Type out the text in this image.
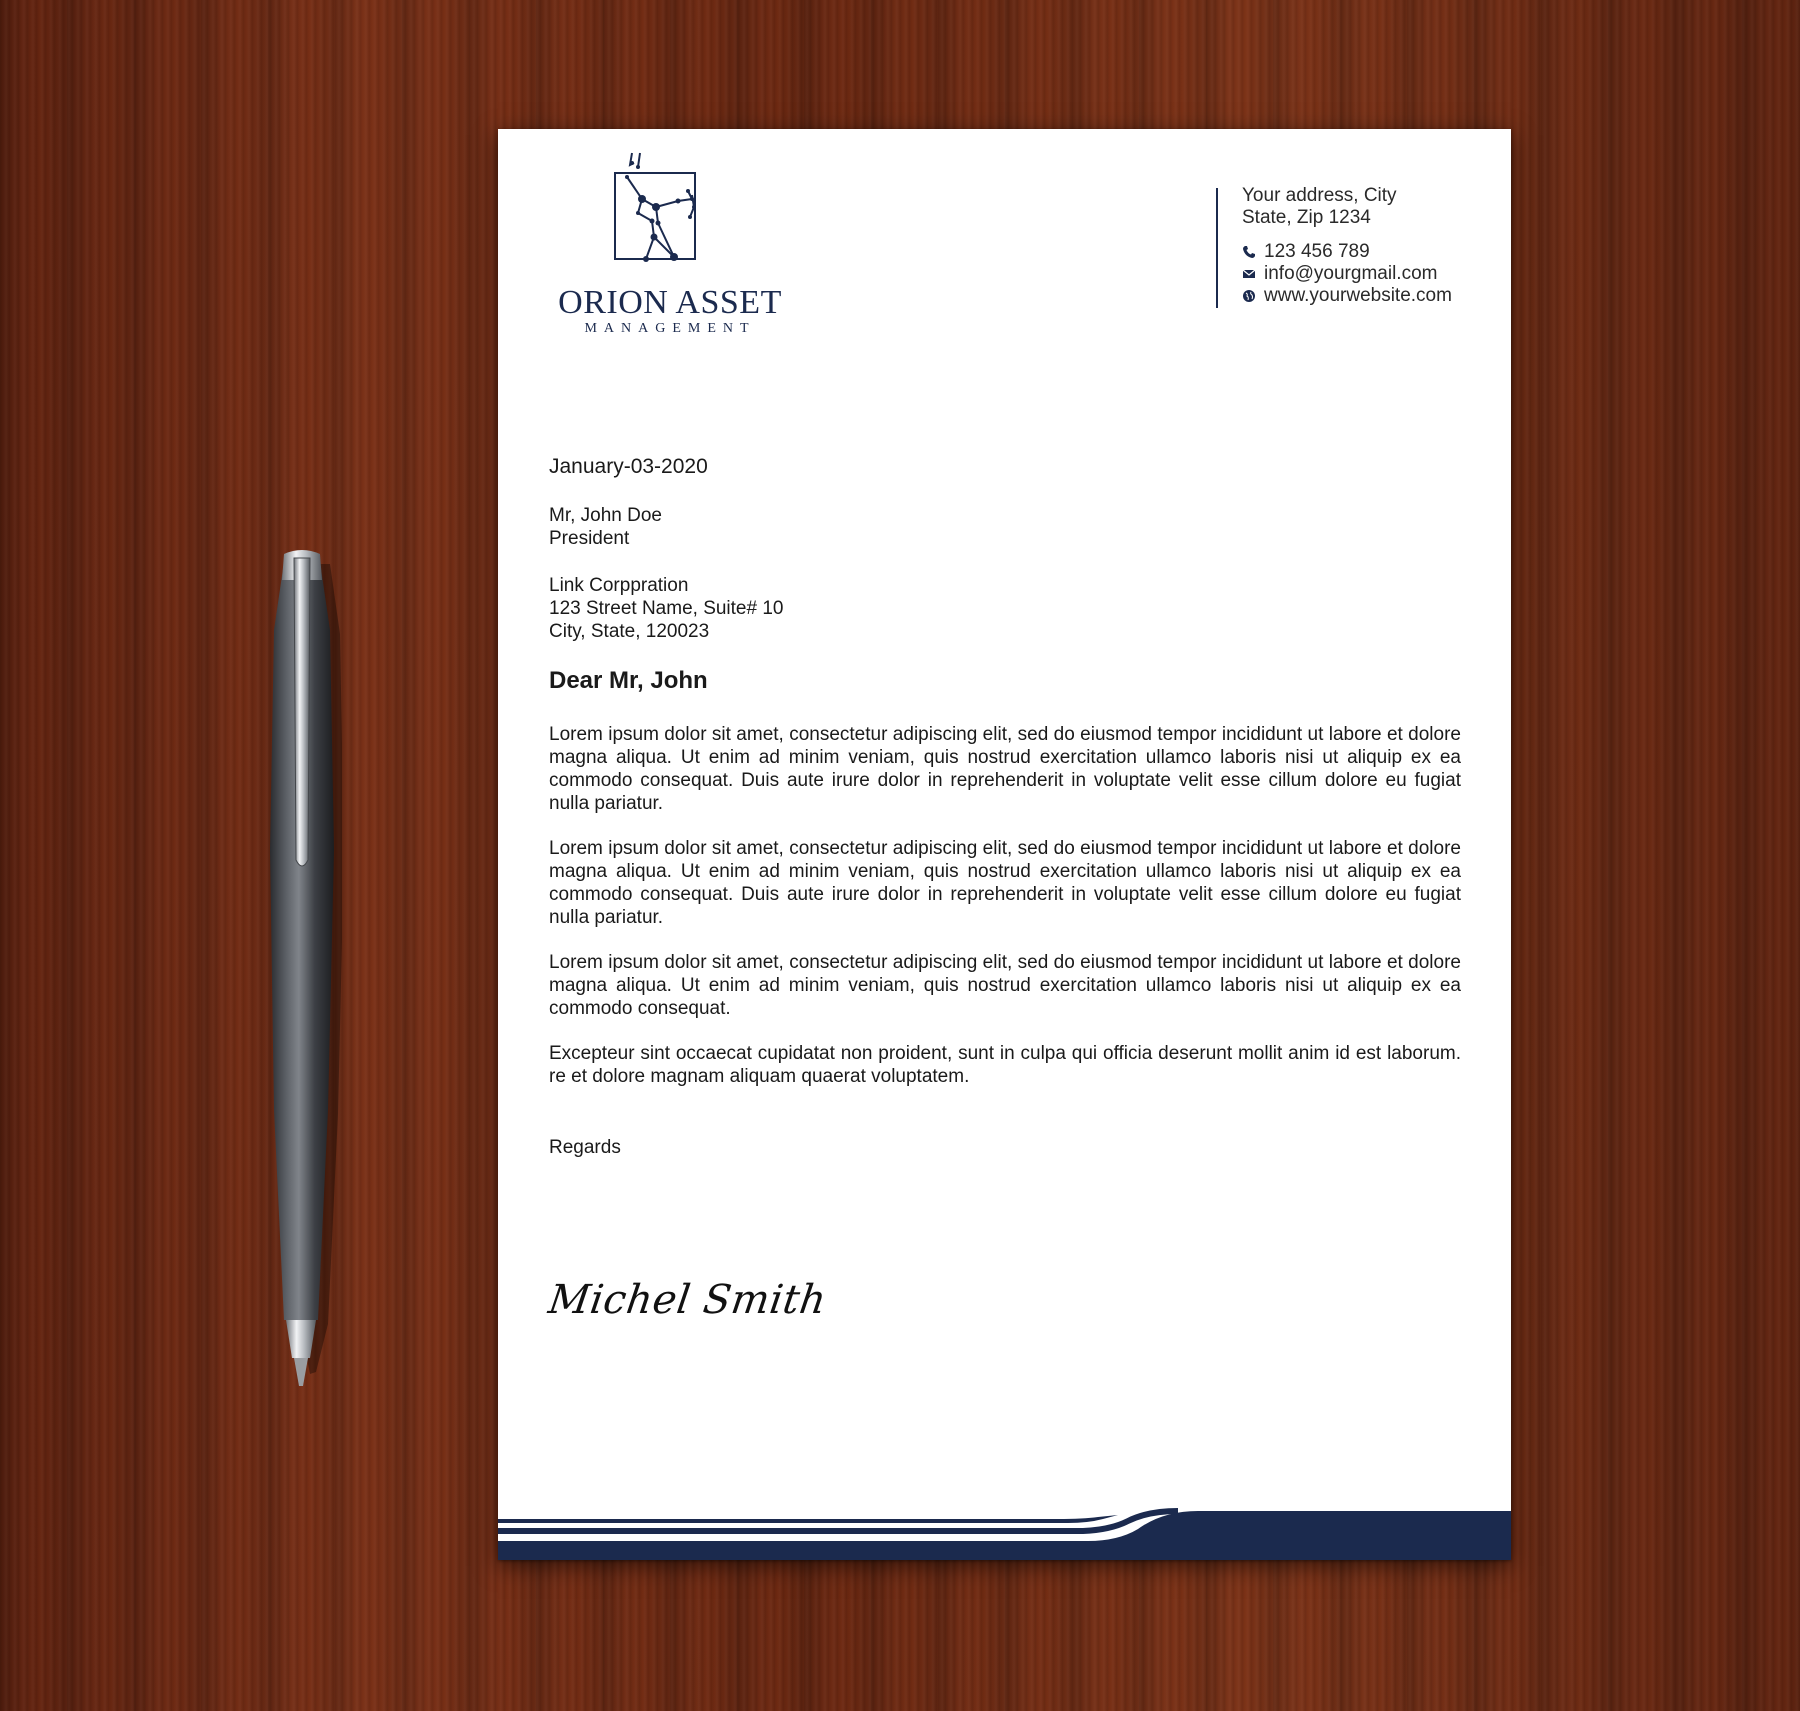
ORION ASSET
MANAGEMENT
Your address, City
State, Zip 1234
123 456 789
info@yourgmail.com
www.yourwebsite.com
January-03-2020
Mr, John Doe
President
Link Corppration
123 Street Name, Suite# 10
City, State, 120023
Dear Mr, John

Lorem ipsum dolor sit amet, consectetur adipiscing elit, sed do eiusmod tempor incididunt ut labore et dolore magna aliqua. Ut enim ad minim veniam, quis nostrud exercitation ullamco laboris nisi ut aliquip ex ea commodo consequat. Duis aute irure dolor in reprehenderit in voluptate velit esse cillum dolore eu fugiat nulla pariatur.

Lorem ipsum dolor sit amet, consectetur adipiscing elit, sed do eiusmod tempor incididunt ut labore et dolore magna aliqua. Ut enim ad minim veniam, quis nostrud exercitation ullamco laboris nisi ut aliquip ex ea commodo consequat. Duis aute irure dolor in reprehenderit in voluptate velit esse cillum dolore eu fugiat nulla pariatur.

Lorem ipsum dolor sit amet, consectetur adipiscing elit, sed do eiusmod tempor incididunt ut labore et dolore magna aliqua. Ut enim ad minim veniam, quis nostrud exercitation ullamco laboris nisi ut aliquip ex ea commodo consequat.

Excepteur sint occaecat cupidatat non proident, sunt in culpa qui officia deserunt mollit anim id est laborum. re et dolore magnam aliquam quaerat voluptatem.

Regards
Michel Smith
